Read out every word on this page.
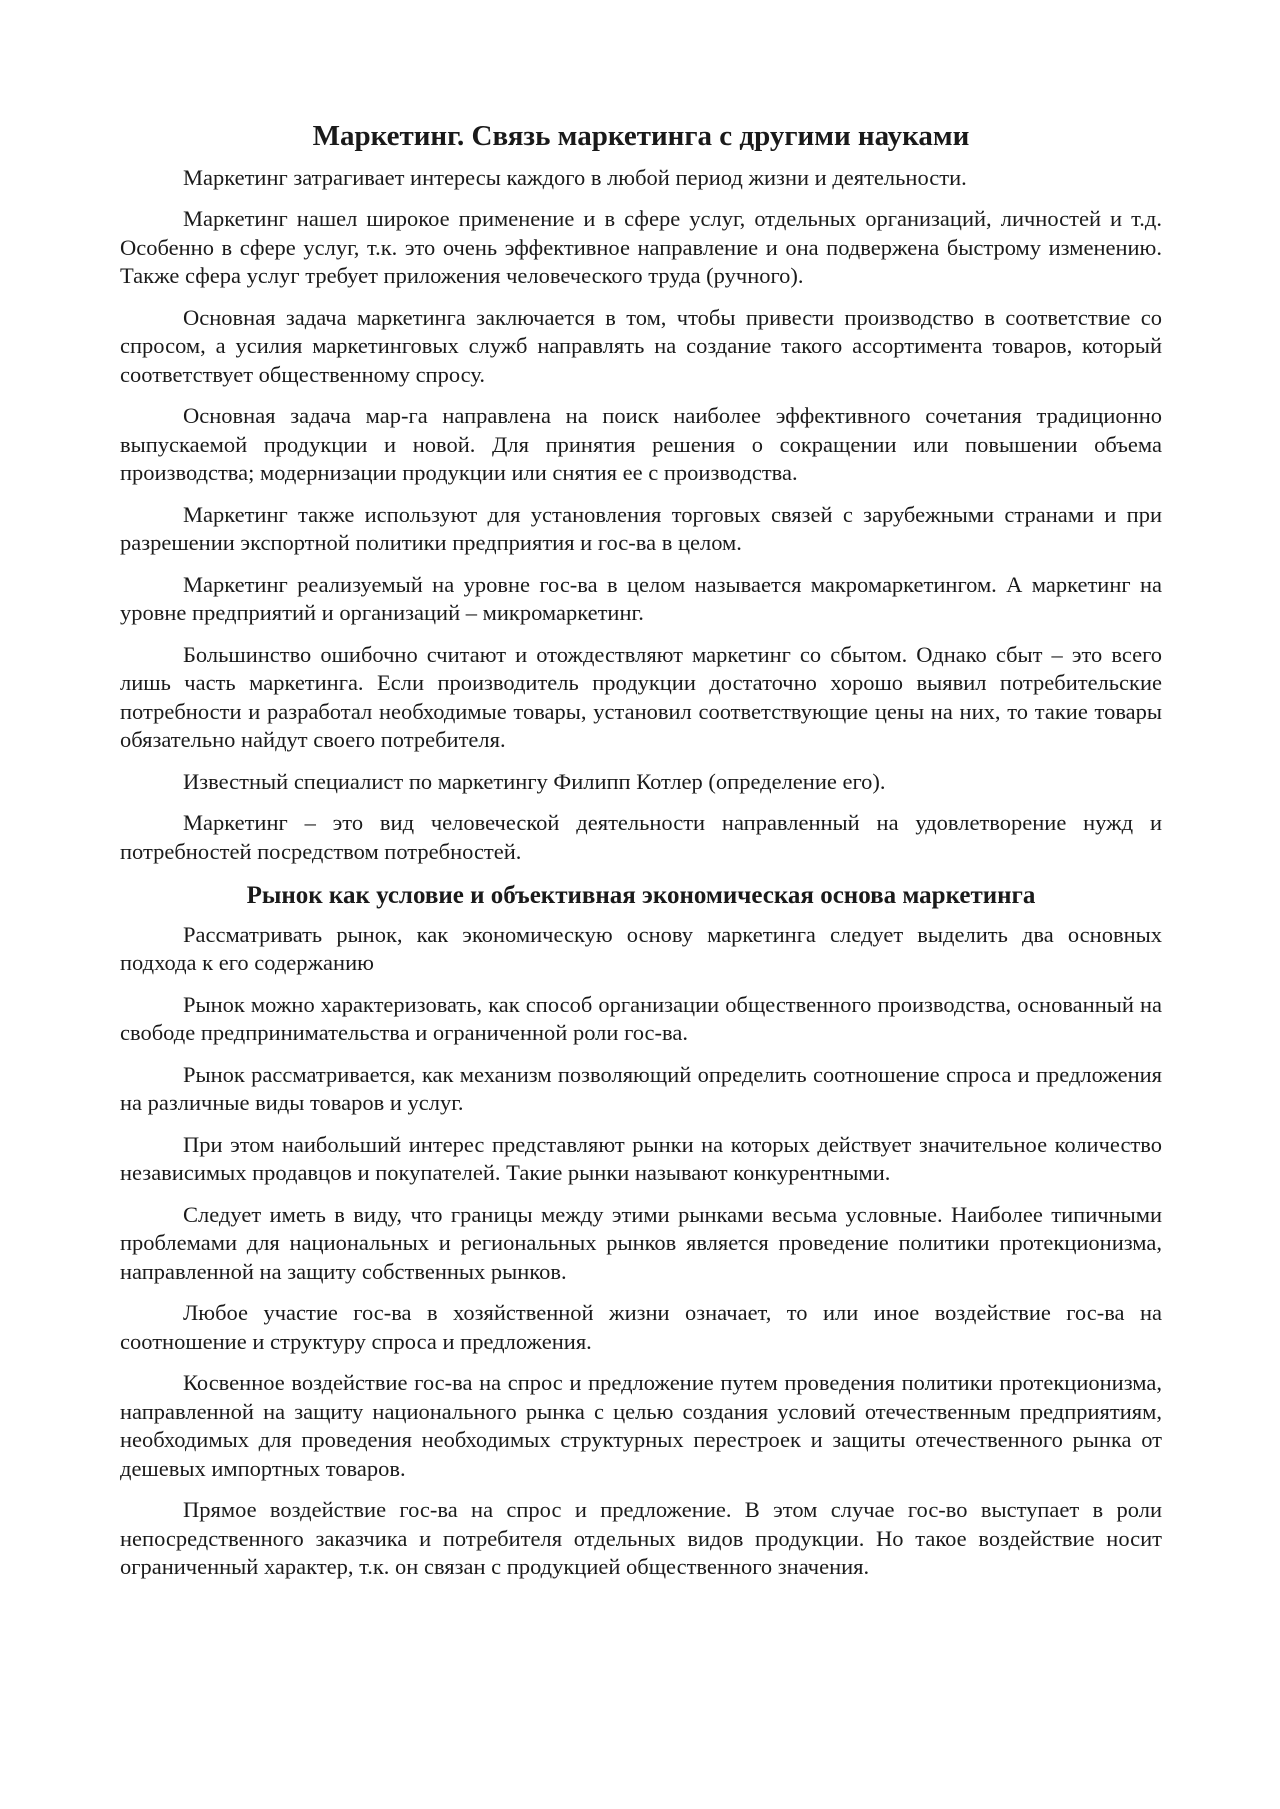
Маркетинг. Связь маркетинга с другими науками

Маркетинг затрагивает интересы каждого в любой период жизни и деятельности.

Маркетинг нашел широкое применение и в сфере услуг, отдельных организаций, личностей и т.д. Особенно в сфере услуг, т.к. это очень эффективное направление и она подвержена быстрому изменению. Также сфера услуг требует приложения человеческого труда (ручного).

Основная задача маркетинга заключается в том, чтобы привести производство в соответствие со спросом, а усилия маркетинговых служб направлять на создание такого ассортимента товаров, который соответствует общественному спросу.

Основная задача мар-га направлена на поиск наиболее эффективного сочетания традиционно выпускаемой продукции и новой. Для принятия решения о сокращении или повышении объема производства; модернизации продукции или снятия ее с производства.

Маркетинг также используют для установления торговых связей с зарубежными странами и при разрешении экспортной политики предприятия и гос-ва в целом.

Маркетинг реализуемый на уровне гос-ва в целом называется макромаркетингом. А маркетинг на уровне предприятий и организаций – микромаркетинг.

Большинство ошибочно считают и отождествляют маркетинг со сбытом. Однако сбыт – это всего лишь часть маркетинга. Если производитель продукции достаточно хорошо выявил потребительские потребности и разработал необходимые товары, установил соответствующие цены на них, то такие товары обязательно найдут своего потребителя.

Известный специалист по маркетингу Филипп Котлер (определение его).

Маркетинг – это вид человеческой деятельности направленный на удовлетворение нужд и потребностей посредством потребностей.

Рынок как условие и объективная экономическая основа маркетинга

Рассматривать рынок, как экономическую основу маркетинга следует выделить два основных подхода к его содержанию

Рынок можно характеризовать, как способ организации общественного производства, основанный на свободе предпринимательства и ограниченной роли гос-ва.

Рынок рассматривается, как механизм позволяющий определить соотношение спроса и предложения на различные виды товаров и услуг.

При этом наибольший интерес представляют рынки на которых действует значительное количество независимых продавцов и покупателей. Такие рынки называют конкурентными.

Следует иметь в виду, что границы между этими рынками весьма условные. Наиболее типичными проблемами для национальных и региональных рынков является проведение политики протекционизма, направленной на защиту собственных рынков.

Любое участие гос-ва в хозяйственной жизни означает, то или иное воздействие гос-ва на соотношение и структуру спроса и предложения.

Косвенное воздействие гос-ва на спрос и предложение путем проведения политики протекционизма, направленной на защиту национального рынка с целью создания условий отечественным предприятиям, необходимых для проведения необходимых структурных перестроек и защиты отечественного рынка от дешевых импортных товаров.

Прямое воздействие гос-ва на спрос и предложение. В этом случае гос-во выступает в роли непосредственного заказчика и потребителя отдельных видов продукции. Но такое воздействие носит ограниченный характер, т.к. он связан с продукцией общественного значения.
